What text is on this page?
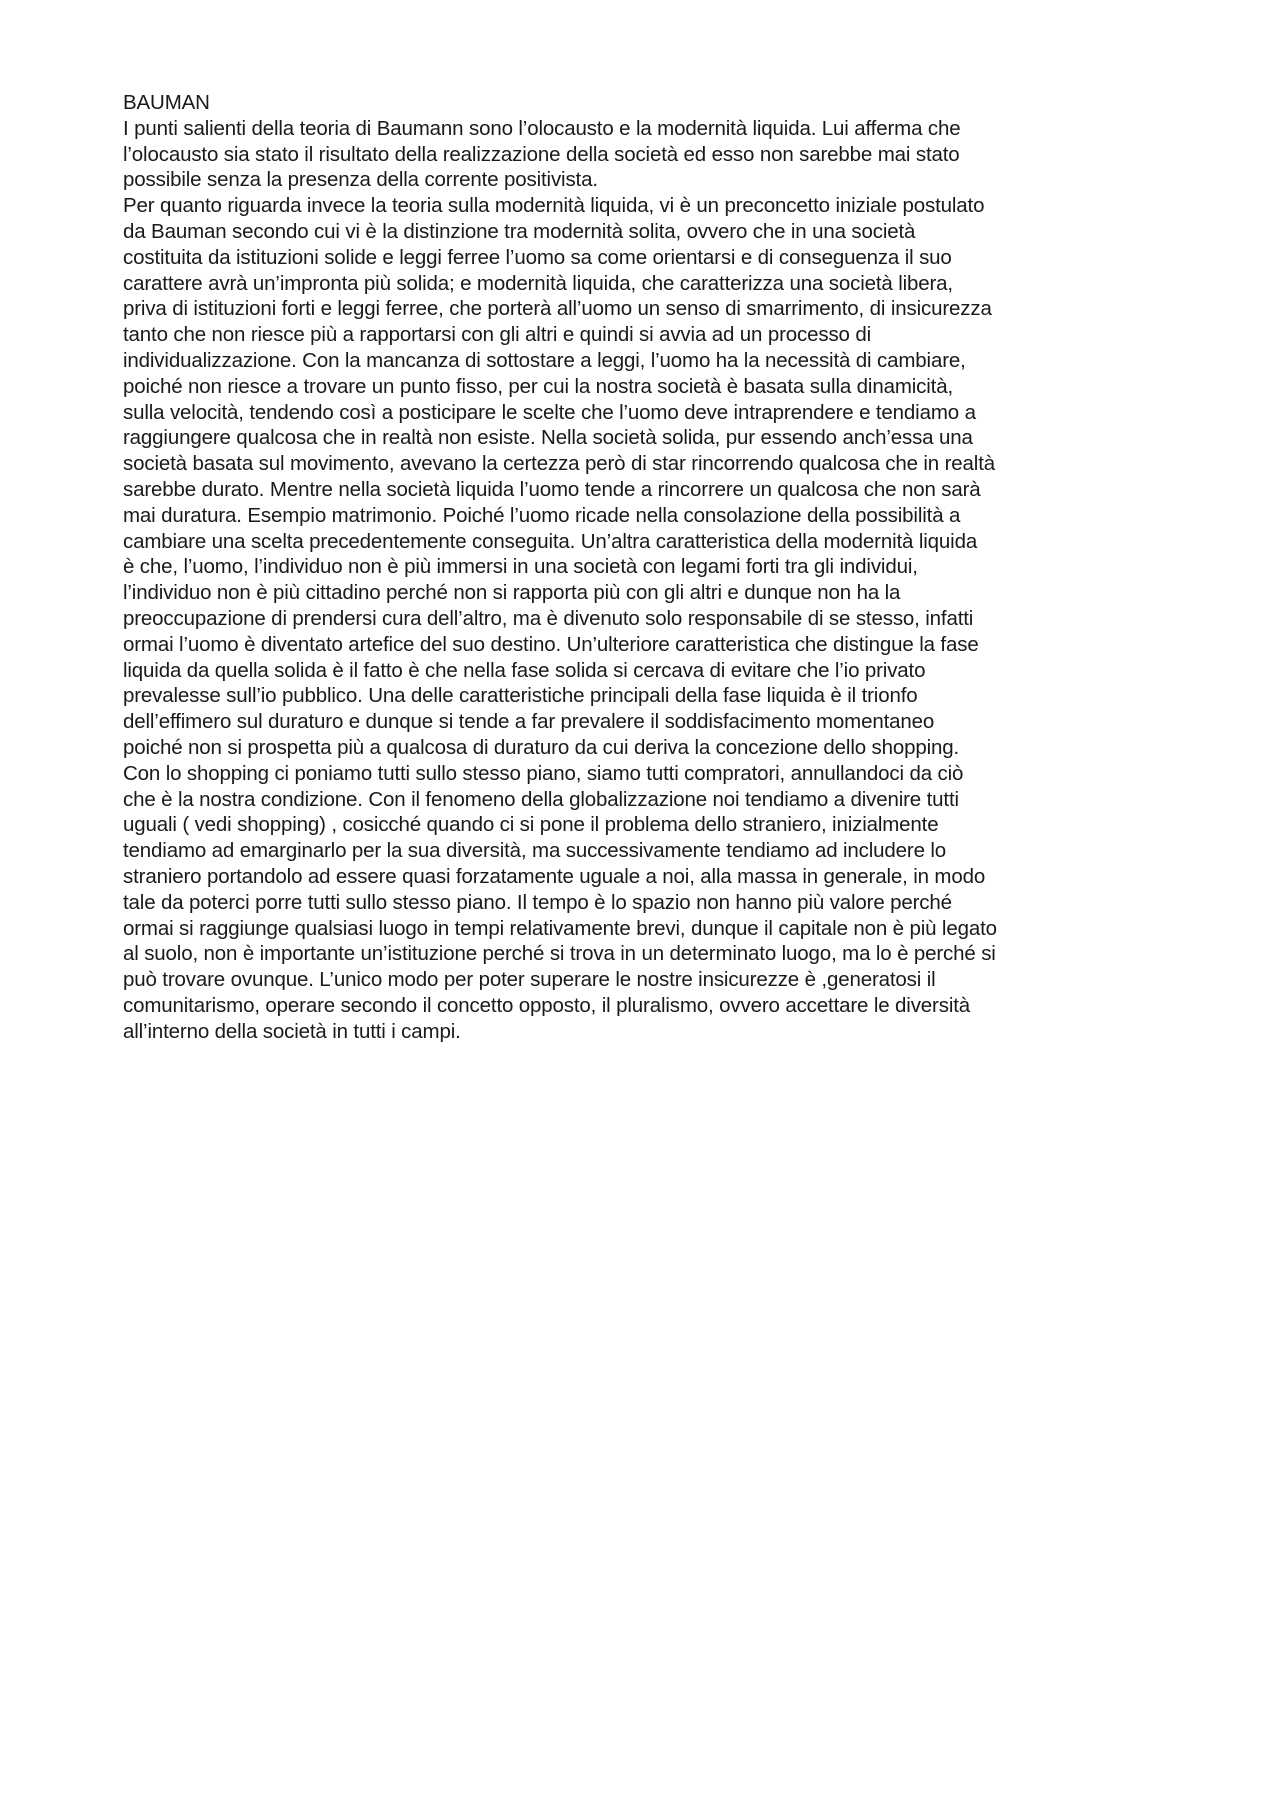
BAUMAN
I punti salienti della teoria di Baumann sono l’olocausto e la modernità liquida. Lui afferma che
l’olocausto sia stato il risultato della realizzazione della società ed esso non sarebbe mai stato
possibile senza la presenza della corrente positivista.
Per quanto riguarda invece la teoria sulla modernità liquida, vi è un preconcetto iniziale postulato
da Bauman secondo cui vi è la distinzione tra modernità solita, ovvero che in una società
costituita da istituzioni solide e leggi ferree l’uomo sa come orientarsi e di conseguenza il suo
carattere avrà un’impronta più solida; e modernità liquida, che caratterizza una società libera,
priva di istituzioni forti e leggi ferree, che porterà all’uomo un senso di smarrimento, di insicurezza
tanto che non riesce più a rapportarsi con gli altri e quindi si avvia ad un processo di
individualizzazione. Con la mancanza di sottostare a leggi, l’uomo ha la necessità di cambiare,
poiché non riesce a trovare un punto fisso, per cui la nostra società è basata sulla dinamicità,
sulla velocità, tendendo così a posticipare le scelte che l’uomo deve intraprendere e tendiamo a
raggiungere qualcosa che in realtà non esiste. Nella società solida, pur essendo anch’essa una
società basata sul movimento, avevano la certezza però di star rincorrendo qualcosa che in realtà
sarebbe durato. Mentre nella società liquida l’uomo tende a rincorrere un qualcosa che non sarà
mai duratura. Esempio matrimonio. Poiché l’uomo ricade nella consolazione della possibilità a
cambiare una scelta precedentemente conseguita. Un’altra caratteristica della modernità liquida
è che, l’uomo, l’individuo non è più immersi in una società con legami forti tra gli individui,
l’individuo non è più cittadino perché non si rapporta più con gli altri e dunque non ha la
preoccupazione di prendersi cura dell’altro, ma è divenuto solo responsabile di se stesso, infatti
ormai l’uomo è diventato artefice del suo destino. Un’ulteriore caratteristica che distingue la fase
liquida da quella solida è il fatto è che nella fase solida si cercava di evitare che l’io privato
prevalesse sull’io pubblico. Una delle caratteristiche principali della fase liquida è il trionfo
dell’effimero sul duraturo e dunque si tende a far prevalere il soddisfacimento momentaneo
poiché non si prospetta più a qualcosa di duraturo da cui deriva la concezione dello shopping.
Con lo shopping ci poniamo tutti sullo stesso piano, siamo tutti compratori, annullandoci da ciò
che è la nostra condizione. Con il fenomeno della globalizzazione noi tendiamo a divenire tutti
uguali ( vedi shopping) , cosicché quando ci si pone il problema dello straniero, inizialmente
tendiamo ad emarginarlo per la sua diversità, ma successivamente tendiamo ad includere lo
straniero portandolo ad essere quasi forzatamente uguale a noi, alla massa in generale, in modo
tale da poterci porre tutti sullo stesso piano. Il tempo è lo spazio non hanno più valore perché
ormai si raggiunge qualsiasi luogo in tempi relativamente brevi, dunque il capitale non è più legato
al suolo, non è importante un’istituzione perché si trova in un determinato luogo, ma lo è perché si
può trovare ovunque. L’unico modo per poter superare le nostre insicurezze è ,generatosi il
comunitarismo, operare secondo il concetto opposto, il pluralismo, ovvero accettare le diversità
all’interno della società in tutti i campi.
